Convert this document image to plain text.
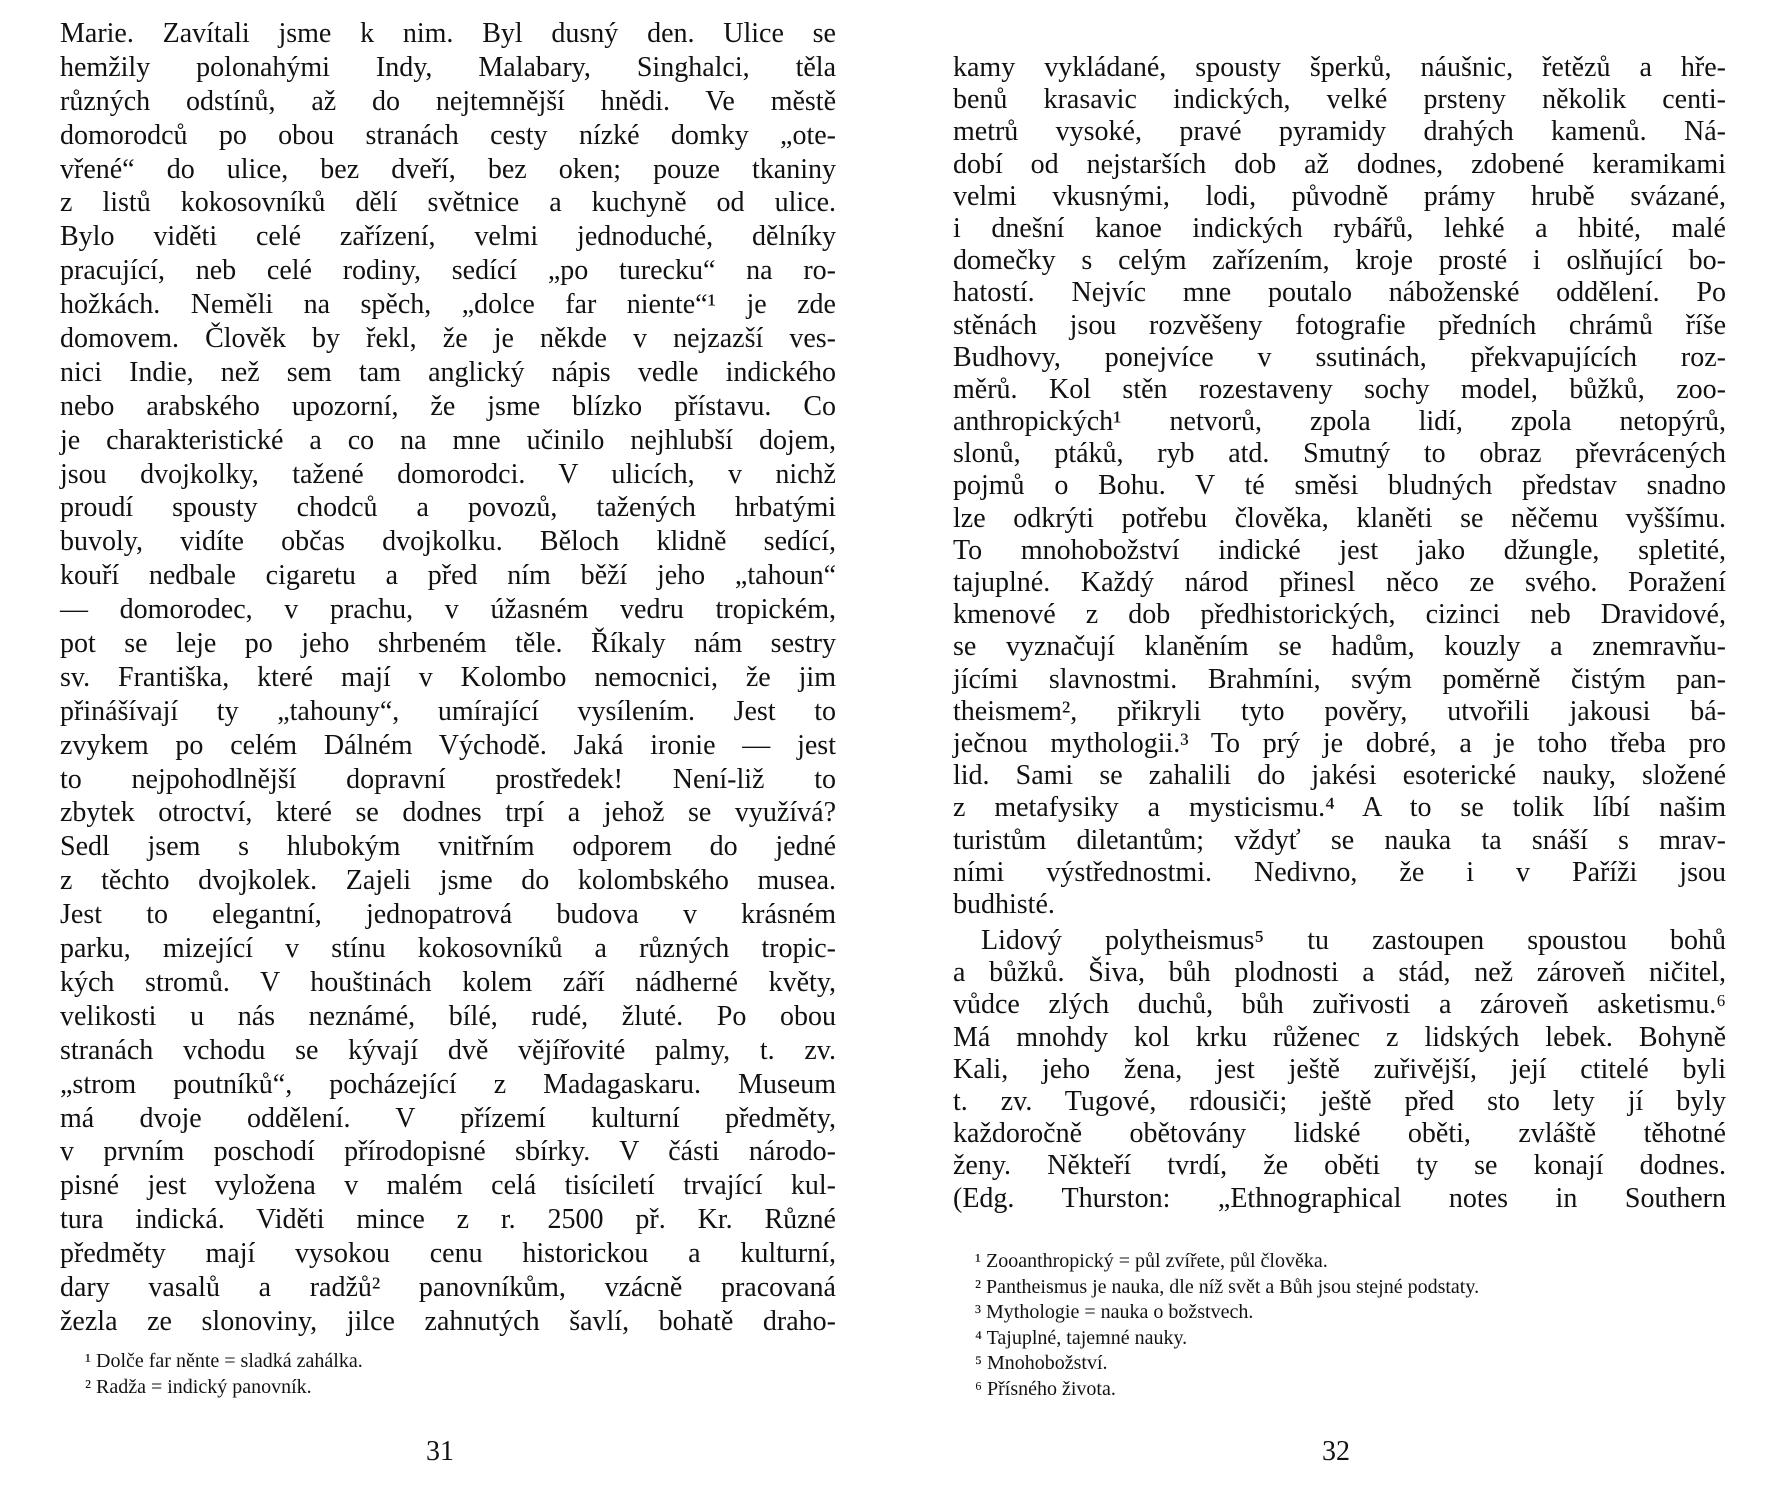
Marie. Zavítali jsme k nim. Byl dusný den. Ulice se
hemžily polonahými Indy, Malabary, Singhalci, těla
různých odstínů, až do nejtemnější hnědi. Ve městě
domorodců po obou stranách cesty nízké domky „ote-
vřené“ do ulice, bez dveří, bez oken; pouze tkaniny
z listů kokosovníků dělí světnice a kuchyně od ulice.
Bylo viděti celé zařízení, velmi jednoduché, dělníky
pracující, neb celé rodiny, sedící „po turecku“ na ro-
hožkách. Neměli na spěch, „dolce far niente“¹ je zde
domovem. Člověk by řekl, že je někde v nejzazší ves-
nici Indie, než sem tam anglický nápis vedle indického
nebo arabského upozorní, že jsme blízko přístavu. Co
je charakteristické a co na mne učinilo nejhlubší dojem,
jsou dvojkolky, tažené domorodci. V ulicích, v nichž
proudí spousty chodců a povozů, tažených hrbatými
buvoly, vidíte občas dvojkolku. Běloch klidně sedící,
kouří nedbale cigaretu a před ním běží jeho „tahoun“
— domorodec, v prachu, v úžasném vedru tropickém,
pot se leje po jeho shrbeném těle. Říkaly nám sestry
sv. Františka, které mají v Kolombo nemocnici, že jim
přinášívají ty „tahouny“, umírající vysílením. Jest to
zvykem po celém Dálném Východě. Jaká ironie — jest
to nejpohodlnější dopravní prostředek! Není-liž to
zbytek otroctví, které se dodnes trpí a jehož se využívá?
Sedl jsem s hlubokým vnitřním odporem do jedné
z těchto dvojkolek. Zajeli jsme do kolombského musea.
Jest to elegantní, jednopatrová budova v krásném
parku, mizející v stínu kokosovníků a různých tropic-
kých stromů. V houštinách kolem září nádherné květy,
velikosti u nás neznámé, bílé, rudé, žluté. Po obou
stranách vchodu se kývají dvě vějířovité palmy, t. zv.
„strom poutníků“, pocházející z Madagaskaru. Museum
má dvoje oddělení. V přízemí kulturní předměty,
v prvním poschodí přírodopisné sbírky. V části národo-
pisné jest vyložena v malém celá tisíciletí trvající kul-
tura indická. Viděti mince z r. 2500 př. Kr. Různé
předměty mají vysokou cenu historickou a kulturní,
dary vasalů a radžů² panovníkům, vzácně pracovaná
žezla ze slonoviny, jilce zahnutých šavlí, bohatě draho-
¹ Dolče far něnte = sladká zahálka.
² Radža = indický panovník.
31
kamy vykládané, spousty šperků, náušnic, řetězů a hře-
benů krasavic indických, velké prsteny několik centi-
metrů vysoké, pravé pyramidy drahých kamenů. Ná-
dobí od nejstarších dob až dodnes, zdobené keramikami
velmi vkusnými, lodi, původně prámy hrubě svázané,
i dnešní kanoe indických rybářů, lehké a hbité, malé
domečky s celým zařízením, kroje prosté i oslňující bo-
hatostí. Nejvíc mne poutalo náboženské oddělení. Po
stěnách jsou rozvěšeny fotografie předních chrámů říše
Budhovy, ponejvíce v ssutinách, překvapujících roz-
měrů. Kol stěn rozestaveny sochy model, bůžků, zoo-
anthropických¹ netvorů, zpola lidí, zpola netopýrů,
slonů, ptáků, ryb atd. Smutný to obraz převrácených
pojmů o Bohu. V té směsi bludných představ snadno
lze odkrýti potřebu člověka, klaněti se něčemu vyššímu.
To mnohobožství indické jest jako džungle, spletité,
tajuplné. Každý národ přinesl něco ze svého. Poražení
kmenové z dob předhistorických, cizinci neb Dravidové,
se vyznačují klaněním se hadům, kouzly a znemravňu-
jícími slavnostmi. Brahmíni, svým poměrně čistým pan-
theismem², přikryli tyto pověry, utvořili jakousi bá-
ječnou mythologii.³ To prý je dobré, a je toho třeba pro
lid. Sami se zahalili do jakési esoterické nauky, složené
z metafysiky a mysticismu.⁴ A to se tolik líbí našim
turistům diletantům; vždyť se nauka ta snáší s mrav-
ními výstřednostmi. Nedivno, že i v Paříži jsou
budhisté.
Lidový polytheismus⁵ tu zastoupen spoustou bohů
a bůžků. Šiva, bůh plodnosti a stád, než zároveň ničitel,
vůdce zlých duchů, bůh zuřivosti a zároveň asketismu.⁶
Má mnohdy kol krku růženec z lidských lebek. Bohyně
Kali, jeho žena, jest ještě zuřivější, její ctitelé byli
t. zv. Tugové, rdousiči; ještě před sto lety jí byly
každoročně obětovány lidské oběti, zvláště těhotné
ženy. Někteří tvrdí, že oběti ty se konají dodnes.
(Edg. Thurston: „Ethnographical notes in Southern
¹ Zooanthropický = půl zvířete, půl člověka.
² Pantheismus je nauka, dle níž svět a Bůh jsou stejné podstaty.
³ Mythologie = nauka o božstvech.
⁴ Tajuplné, tajemné nauky.
⁵ Mnohobožství.
⁶ Přísného života.
32
